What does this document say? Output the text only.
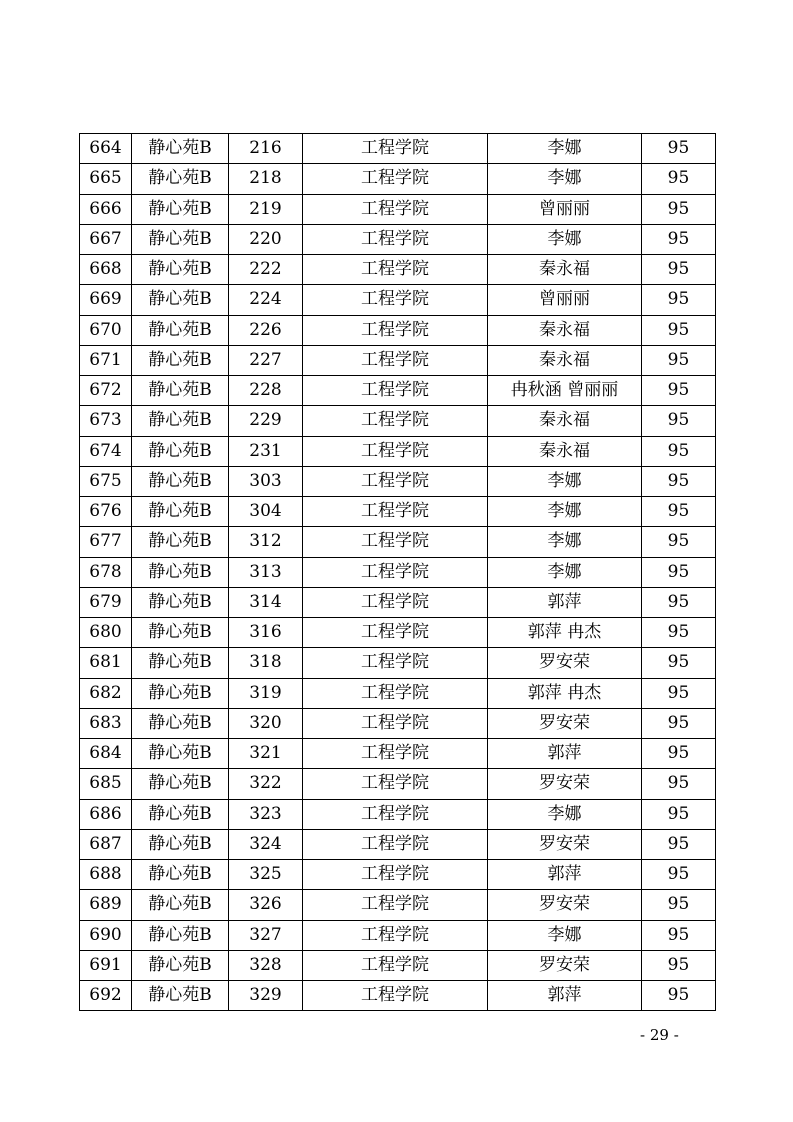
664	静心苑B	216	工程学院	李娜	95
665	静心苑B	218	工程学院	李娜	95
666	静心苑B	219	工程学院	曾丽丽	95
667	静心苑B	220	工程学院	李娜	95
668	静心苑B	222	工程学院	秦永福	95
669	静心苑B	224	工程学院	曾丽丽	95
670	静心苑B	226	工程学院	秦永福	95
671	静心苑B	227	工程学院	秦永福	95
672	静心苑B	228	工程学院	冉秋涵 曾丽丽	95
673	静心苑B	229	工程学院	秦永福	95
674	静心苑B	231	工程学院	秦永福	95
675	静心苑B	303	工程学院	李娜	95
676	静心苑B	304	工程学院	李娜	95
677	静心苑B	312	工程学院	李娜	95
678	静心苑B	313	工程学院	李娜	95
679	静心苑B	314	工程学院	郭萍	95
680	静心苑B	316	工程学院	郭萍 冉杰	95
681	静心苑B	318	工程学院	罗安荣	95
682	静心苑B	319	工程学院	郭萍 冉杰	95
683	静心苑B	320	工程学院	罗安荣	95
684	静心苑B	321	工程学院	郭萍	95
685	静心苑B	322	工程学院	罗安荣	95
686	静心苑B	323	工程学院	李娜	95
687	静心苑B	324	工程学院	罗安荣	95
688	静心苑B	325	工程学院	郭萍	95
689	静心苑B	326	工程学院	罗安荣	95
690	静心苑B	327	工程学院	李娜	95
691	静心苑B	328	工程学院	罗安荣	95
692	静心苑B	329	工程学院	郭萍	95
- 29 -
